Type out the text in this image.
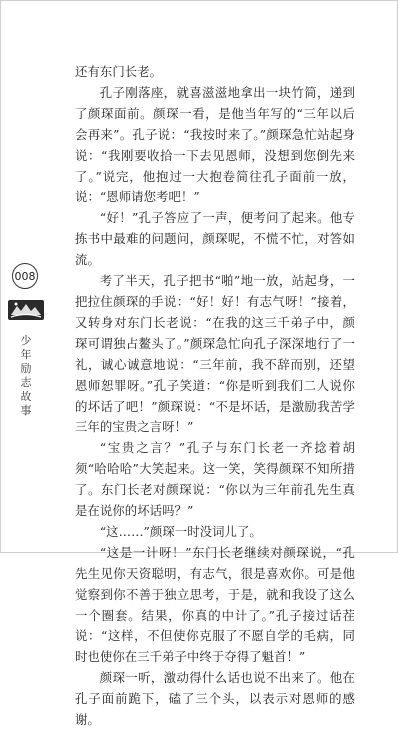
还有东门长老。

孔子刚落座，就喜滋滋地拿出一块竹简，递到了颜琛面前。颜琛一看，是他当年写的“三年以后会再来”。孔子说：“我按时来了。”颜琛急忙站起身说：“我刚要收拾一下去见恩师，没想到您倒先来了。”说完，他抱过一大抱卷简往孔子面前一放，说：“恩师请您考吧！”

“好！”孔子答应了一声，便考问了起来。他专拣书中最难的问题问，颜琛呢，不慌不忙，对答如流。

考了半天，孔子把书“啪”地一放，站起身，一把拉住颜琛的手说：“好！好！有志气呀！”接着，又转身对东门长老说：“在我的这三千弟子中，颜琛可谓独占鳌头了。”颜琛急忙向孔子深深地行了一礼，诚心诚意地说：“三年前，我不辞而别，还望恩师恕罪呀。”孔子笑道：“你是听到我们二人说你的坏话了吧！”颜琛说：“不是坏话，是激励我苦学三年的宝贵之言呀！”

“宝贵之言？”孔子与东门长老一齐捻着胡须“哈哈哈”大笑起来。这一笑，笑得颜琛不知所措了。东门长老对颜琛说：“你以为三年前孔先生真是在说你的坏话吗？”

“这……”颜琛一时没词儿了。

“这是一计呀！”东门长老继续对颜琛说，“孔先生见你天资聪明，有志气，很是喜欢你。可是他觉察到你不善于独立思考，于是，就和我设了这么一个圈套。结果，你真的中计了。”孔子接过话茬说：“这样，不但使你克服了不愿自学的毛病，同时也使你在三千弟子中终于夺得了魁首！”

颜琛一听，激动得什么话也说不出来了。他在孔子面前跪下，磕了三个头，以表示对恩师的感谢。

008
少
年
励
志
故
事
